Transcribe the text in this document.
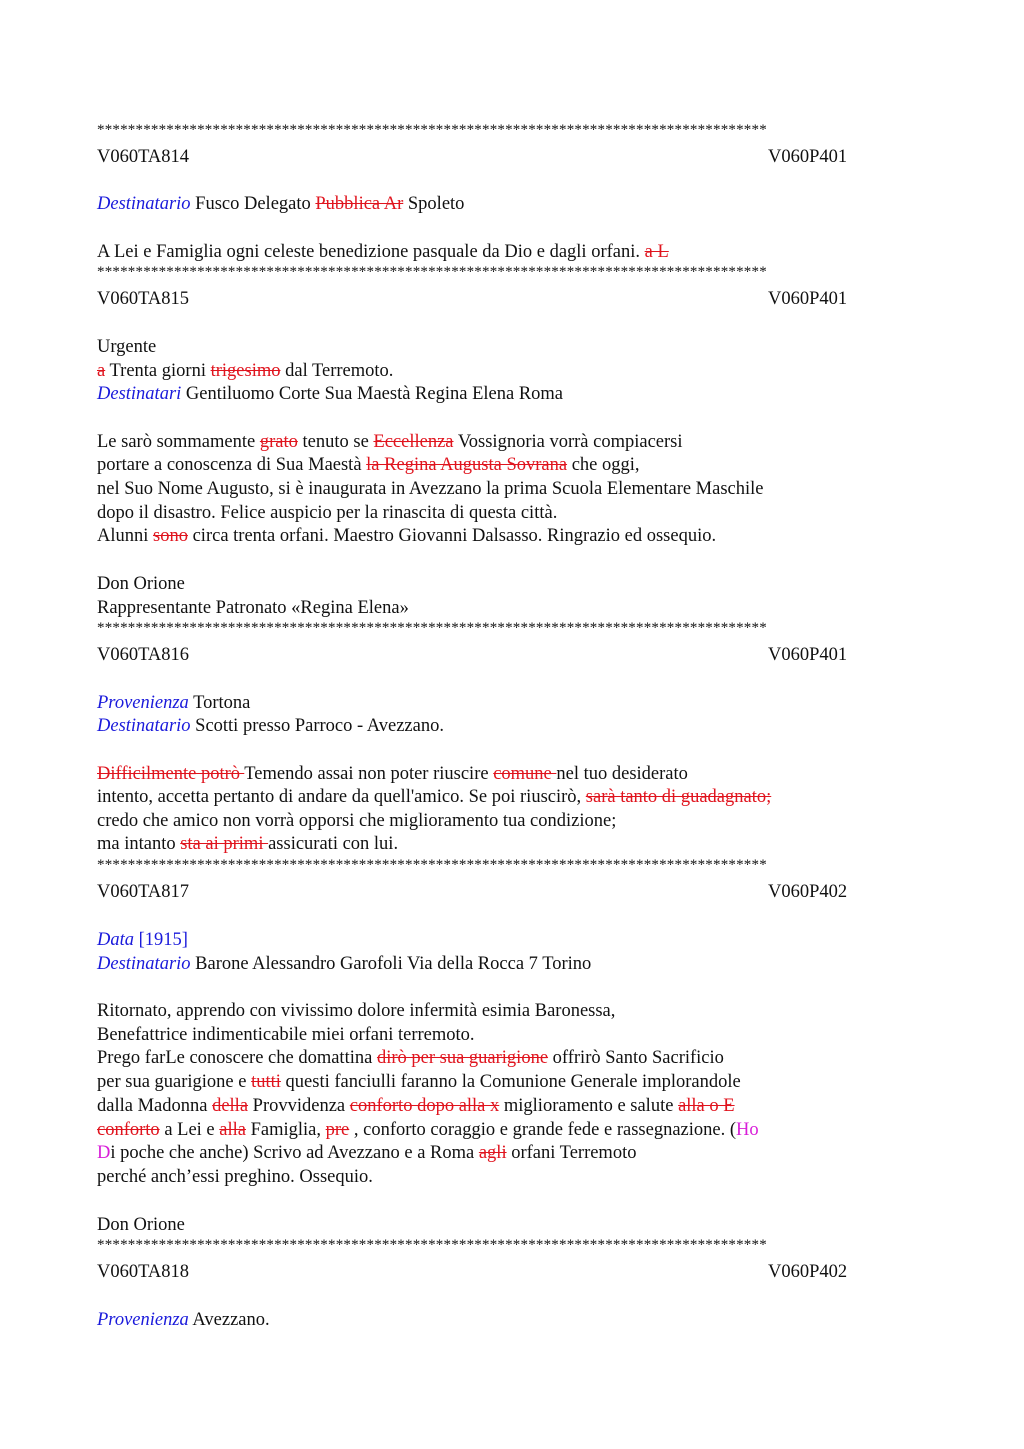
***************************************************************************************
V060TA814	V060P401
Destinatario Fusco Delegato Pubblica Ar Spoleto
A Lei e Famiglia ogni celeste benedizione pasquale da Dio e dagli orfani. a L
***************************************************************************************
V060TA815	V060P401
Urgente
a Trenta giorni trigesimo dal Terremoto.
Destinatari Gentiluomo Corte Sua Maestà Regina Elena Roma
Le sarò sommamente grato tenuto se Eccellenza Vossignoria vorrà compiacersi
portare a conoscenza di Sua Maestà la Regina Augusta Sovrana che oggi,
nel Suo Nome Augusto, si è inaugurata in Avezzano la prima Scuola Elementare Maschile
dopo il disastro. Felice auspicio per la rinascita di questa città.
Alunni sono circa trenta orfani. Maestro Giovanni Dalsasso. Ringrazio ed ossequio.
Don Orione
Rappresentante Patronato «Regina Elena»
***************************************************************************************
V060TA816	V060P401
Provenienza Tortona
Destinatario Scotti presso Parroco - Avezzano.
Difficilmente potrò Temendo assai non poter riuscire comune nel tuo desiderato
intento, accetta pertanto di andare da quell'amico. Se poi riuscirò, sarà tanto di guadagnato;
credo che amico non vorrà opporsi che miglioramento tua condizione;
ma intanto sta ai primi assicurati con lui.
***************************************************************************************
V060TA817	V060P402
Data [1915]
Destinatario Barone Alessandro Garofoli Via della Rocca 7 Torino
Ritornato, apprendo con vivissimo dolore infermità esimia Baronessa,
Benefattrice indimenticabile miei orfani terremoto.
Prego farLe conoscere che domattina dirò per sua guarigione offrirò Santo Sacrificio
per sua guarigione e tutti questi fanciulli faranno la Comunione Generale implorandole
dalla Madonna della Provvidenza conforto dopo alla x miglioramento e salute alla o E
conforto a Lei e alla Famiglia, pre , conforto coraggio e grande fede e rassegnazione. (Ho
Di poche che anche) Scrivo ad Avezzano e a Roma agli orfani Terremoto
perché anch’essi preghino. Ossequio.
Don Orione
***************************************************************************************
V060TA818	V060P402
Provenienza Avezzano.
